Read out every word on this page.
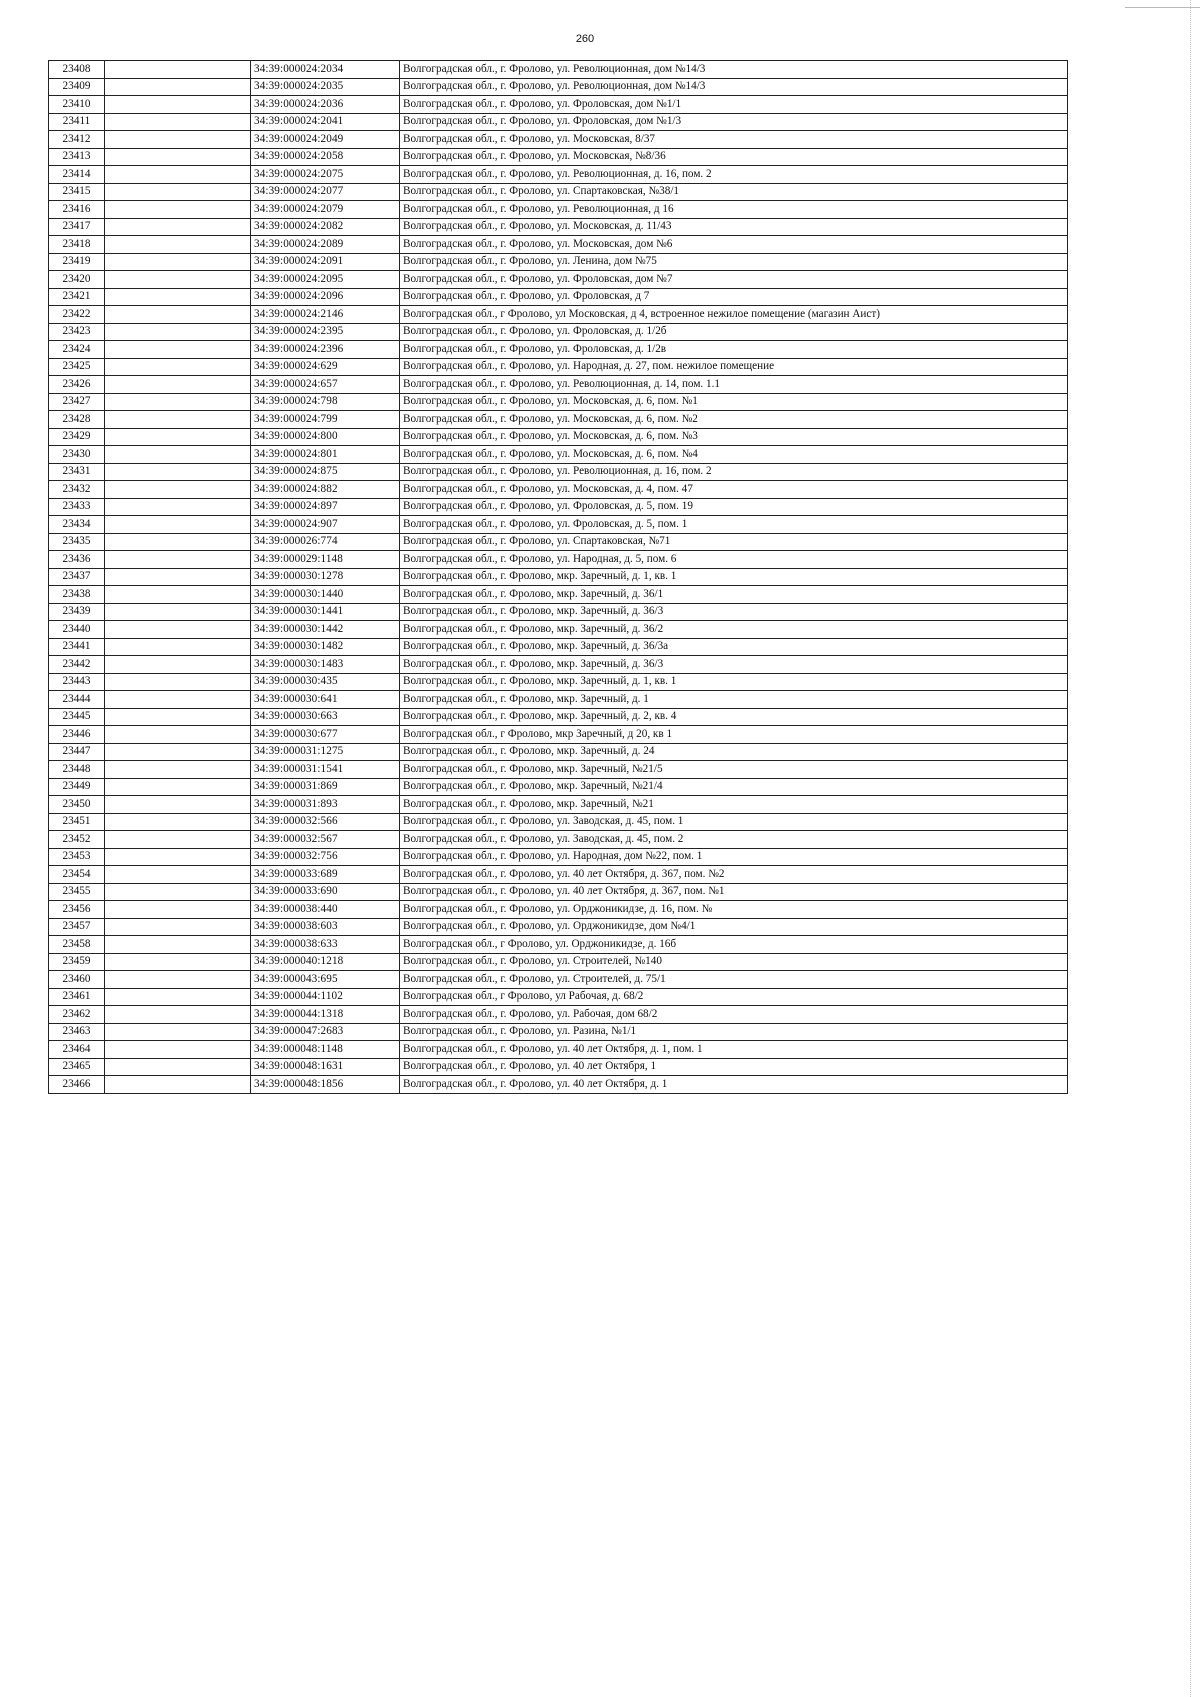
260
23408		34:39:000024:2034	Волгоградская обл., г. Фролово, ул. Революционная, дом №14/3
23409		34:39:000024:2035	Волгоградская обл., г. Фролово, ул. Революционная, дом №14/3
23410		34:39:000024:2036	Волгоградская обл., г. Фролово, ул. Фроловская, дом №1/1
23411		34:39:000024:2041	Волгоградская обл., г. Фролово, ул. Фроловская, дом №1/3
23412		34:39:000024:2049	Волгоградская обл., г. Фролово, ул. Московская, 8/37
23413		34:39:000024:2058	Волгоградская обл., г. Фролово, ул. Московская, №8/36
23414		34:39:000024:2075	Волгоградская обл., г. Фролово, ул. Революционная, д. 16, пом. 2
23415		34:39:000024:2077	Волгоградская обл., г. Фролово, ул. Спартаковская, №38/1
23416		34:39:000024:2079	Волгоградская обл., г. Фролово, ул. Революционная, д 16
23417		34:39:000024:2082	Волгоградская обл., г. Фролово, ул. Московская, д. 11/43
23418		34:39:000024:2089	Волгоградская обл., г. Фролово, ул. Московская, дом №6
23419		34:39:000024:2091	Волгоградская обл., г. Фролово, ул. Ленина, дом №75
23420		34:39:000024:2095	Волгоградская обл., г. Фролово, ул. Фроловская, дом №7
23421		34:39:000024:2096	Волгоградская обл., г. Фролово, ул. Фроловская, д 7
23422		34:39:000024:2146	Волгоградская обл., г Фролово, ул Московская, д 4, встроенное нежилое помещение (магазин Аист)
23423		34:39:000024:2395	Волгоградская обл., г. Фролово, ул. Фроловская, д. 1/2б
23424		34:39:000024:2396	Волгоградская обл., г. Фролово, ул. Фроловская, д. 1/2в
23425		34:39:000024:629	Волгоградская обл., г. Фролово, ул. Народная, д. 27, пом. нежилое помещение
23426		34:39:000024:657	Волгоградская обл., г. Фролово, ул. Революционная, д. 14, пом. 1.1
23427		34:39:000024:798	Волгоградская обл., г. Фролово, ул. Московская, д. 6, пом. №1
23428		34:39:000024:799	Волгоградская обл., г. Фролово, ул. Московская, д. 6, пом. №2
23429		34:39:000024:800	Волгоградская обл., г. Фролово, ул. Московская, д. 6, пом. №3
23430		34:39:000024:801	Волгоградская обл., г. Фролово, ул. Московская, д. 6, пом. №4
23431		34:39:000024:875	Волгоградская обл., г. Фролово, ул. Революционная, д. 16, пом. 2
23432		34:39:000024:882	Волгоградская обл., г. Фролово, ул. Московская, д. 4, пом. 47
23433		34:39:000024:897	Волгоградская обл., г. Фролово, ул. Фроловская, д. 5, пом. 19
23434		34:39:000024:907	Волгоградская обл., г. Фролово, ул. Фроловская, д. 5, пом. 1
23435		34:39:000026:774	Волгоградская обл., г. Фролово, ул. Спартаковская, №71
23436		34:39:000029:1148	Волгоградская обл., г. Фролово, ул. Народная, д. 5, пом. 6
23437		34:39:000030:1278	Волгоградская обл., г. Фролово, мкр. Заречный, д. 1, кв. 1
23438		34:39:000030:1440	Волгоградская обл., г. Фролово, мкр. Заречный, д. 36/1
23439		34:39:000030:1441	Волгоградская обл., г. Фролово, мкр. Заречный, д. 36/3
23440		34:39:000030:1442	Волгоградская обл., г. Фролово, мкр. Заречный, д. 36/2
23441		34:39:000030:1482	Волгоградская обл., г. Фролово, мкр. Заречный, д. 36/3а
23442		34:39:000030:1483	Волгоградская обл., г. Фролово, мкр. Заречный, д. 36/3
23443		34:39:000030:435	Волгоградская обл., г. Фролово, мкр. Заречный, д. 1, кв. 1
23444		34:39:000030:641	Волгоградская обл., г. Фролово, мкр. Заречный, д. 1
23445		34:39:000030:663	Волгоградская обл., г. Фролово, мкр. Заречный, д. 2, кв. 4
23446		34:39:000030:677	Волгоградская обл., г Фролово, мкр Заречный, д 20, кв 1
23447		34:39:000031:1275	Волгоградская обл., г. Фролово, мкр. Заречный, д. 24
23448		34:39:000031:1541	Волгоградская обл., г. Фролово, мкр. Заречный, №21/5
23449		34:39:000031:869	Волгоградская обл., г. Фролово, мкр. Заречный, №21/4
23450		34:39:000031:893	Волгоградская обл., г. Фролово, мкр. Заречный, №21
23451		34:39:000032:566	Волгоградская обл., г. Фролово, ул. Заводская, д. 45, пом. 1
23452		34:39:000032:567	Волгоградская обл., г. Фролово, ул. Заводская, д. 45, пом. 2
23453		34:39:000032:756	Волгоградская обл., г. Фролово, ул. Народная, дом №22, пом. 1
23454		34:39:000033:689	Волгоградская обл., г. Фролово, ул. 40 лет Октября, д. 367, пом. №2
23455		34:39:000033:690	Волгоградская обл., г. Фролово, ул. 40 лет Октября, д. 367, пом. №1
23456		34:39:000038:440	Волгоградская обл., г. Фролово, ул. Орджоникидзе, д. 16, пом. №
23457		34:39:000038:603	Волгоградская обл., г. Фролово, ул. Орджоникидзе, дом №4/1
23458		34:39:000038:633	Волгоградская обл., г Фролово, ул. Орджоникидзе, д. 16б
23459		34:39:000040:1218	Волгоградская обл., г. Фролово, ул. Строителей, №140
23460		34:39:000043:695	Волгоградская обл., г. Фролово, ул. Строителей, д. 75/1
23461		34:39:000044:1102	Волгоградская обл., г Фролово, ул Рабочая, д. 68/2
23462		34:39:000044:1318	Волгоградская обл., г. Фролово, ул. Рабочая, дом 68/2
23463		34:39:000047:2683	Волгоградская обл., г. Фролово, ул. Разина, №1/1
23464		34:39:000048:1148	Волгоградская обл., г. Фролово, ул. 40 лет Октября, д. 1, пом. 1
23465		34:39:000048:1631	Волгоградская обл., г. Фролово, ул. 40 лет Октября, 1
23466		34:39:000048:1856	Волгоградская обл., г. Фролово, ул. 40 лет Октября, д. 1
